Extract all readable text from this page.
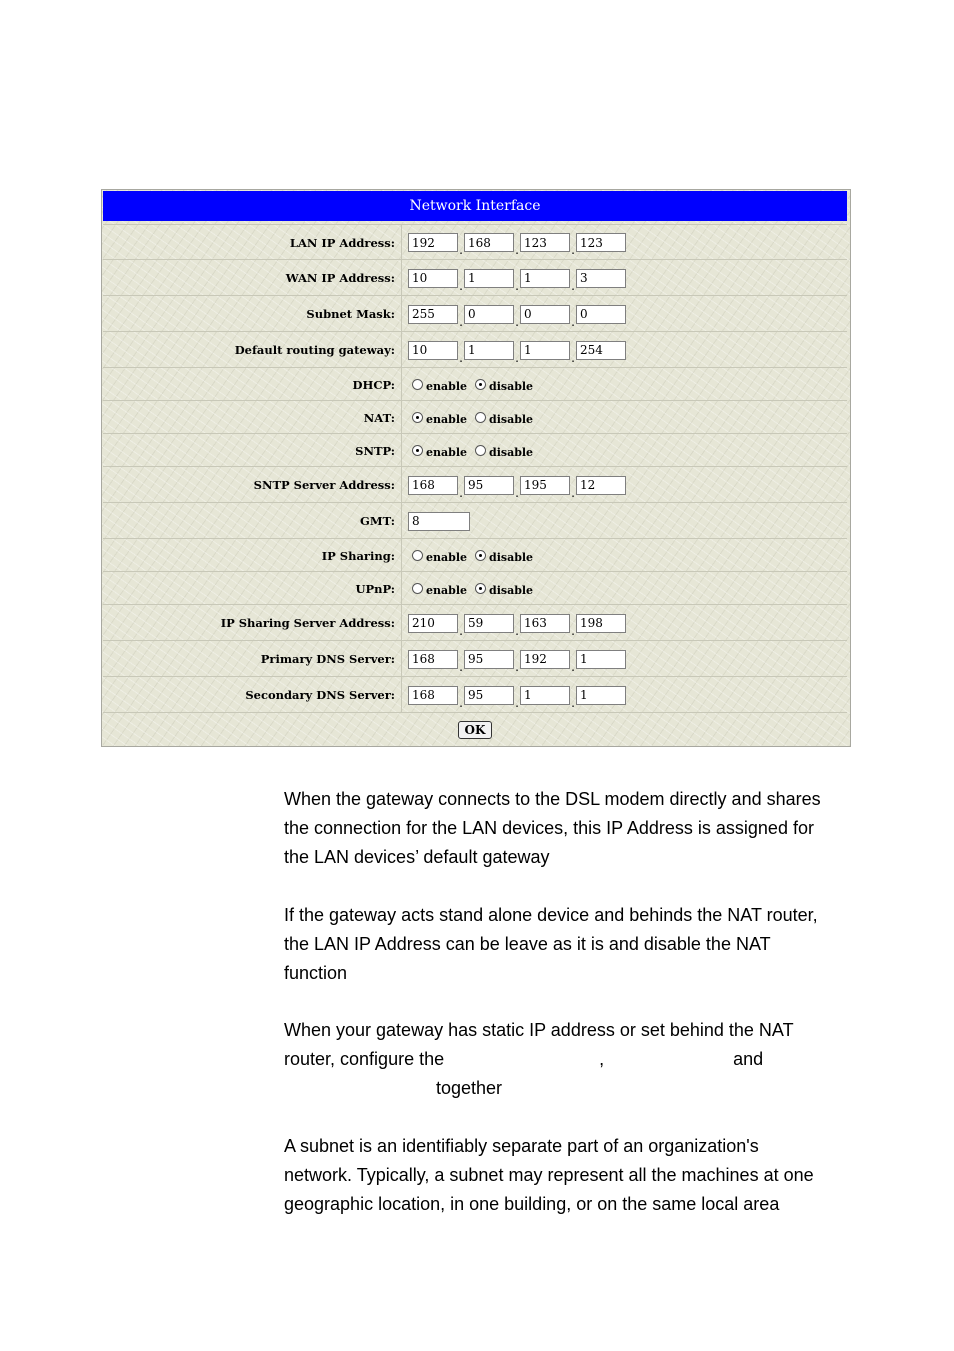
Network Interface
LAN IP Address:
192
.
168	.
123	.
123
WAN IP Address:
10
.
1	.
1	.
3
Subnet Mask:
255
.
0	.
0	.
0
Default routing gateway:
10
.
1	.
1	.
254
DHCP:	enable disable
NAT:	enable disable
SNTP:	enable disable
SNTP Server Address:
168
.
95	.
195	.
12
GMT:
8
IP Sharing:	enable disable
UPnP:	enable disable
IP Sharing Server Address:
210
.
59	.
163	.
198
Primary DNS Server:
168
.
95	.
192	.
1
Secondary DNS Server:
168
.
95	.
1	.
1
OK
When the gateway connects to the DSL modem directly and shares
the connection for the LAN devices, this IP Address is assigned for
the LAN devices’ default gateway
If the gateway acts stand alone device and behinds the NAT router,
the LAN IP Address can be leave as it is and disable the NAT
function
When your gateway has static IP address or set behind the NAT
router, configure the	,	and
together
A subnet is an identifiably separate part of an organization's
network. Typically, a subnet may represent all the machines at one
geographic location, in one building, or on the same local area
